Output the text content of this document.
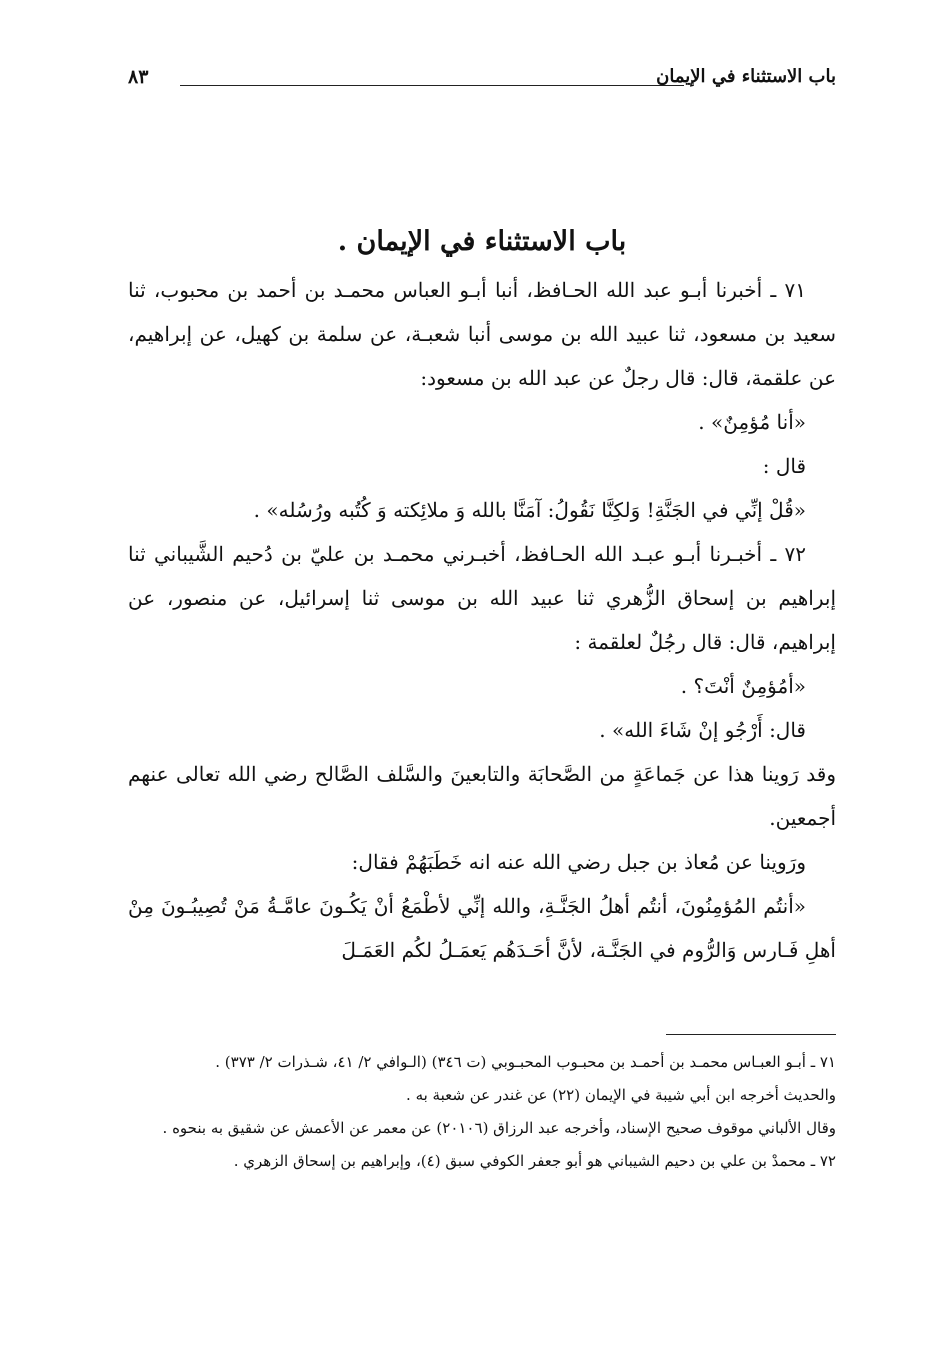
باب الاستثناء في الإيمان
٨٣
باب الاستثناء في الإيمان .

٧١ ـ أخبرنا أبـو عبد الله الحـافظ، أنبا أبـو العباس محمـد بن أحمد بن محبوب، ثنا سعيد بن مسعود، ثنا عبيد الله بن موسى أنبا شعبـة، عن سلمة بن كهيل، عن إبراهيم، عن علقمة، قال: قال رجلٌ عن عبد الله بن مسعود:

«أنا مُؤمِنٌ» .

قال :

«قُلْ إنِّي في الجَنَّةِ! وَلكِنَّا نَقُولُ: آمَنَّا بالله وَ ملائِكته وَ كُتُبه ورُسُله» .

٧٢ ـ أخبـرنا أبـو عبـد الله الحـافظ، أخبـرني محمـد بن عليّ بن دُحيم الشَّيباني ثنا إبراهيم بن إسحاق الزُّهري ثنا عبيد الله بن موسى ثنا إسرائيل، عن منصور، عن إبراهيم، قال: قال رجُلٌ لعلقمة :

«أمُؤمِنٌ أنْتَ؟ .

قال: أَرْجُو إنْ شَاءَ الله» .

وقد رَوينا هذا عن جَماعَةٍ من الصَّحابَة والتابعينَ والسَّلف الصَّالح رضي الله تعالى عنهم أجمعين.

ورَوينا عن مُعاذ بن جبل رضي الله عنه انه خَطَبَهُمْ فقال:

«أنتُم المُؤمِنُونَ، أنتُم أهلُ الجَنَّـةِ، والله إنِّي لأطْمَعُ أنْ يَكُـونَ عامَّـةُ مَنْ تُصِيبُـونَ مِنْ أهلِ فَـارس وَالرُّوم في الجَنَّـة، لأنَّ أحَـدَهُم يَعمَـلُ لكُم العَمَـلَ

٧١ ـ أبـو العبـاس محمـد بن أحمـد بن محبـوب المحبـوبي (ت ٣٤٦) (الـوافي ٢/ ٤١، شـذرات ٢/ ٣٧٣) .

والحديث أخرجه ابن أبي شيبة في الإيمان (٢٢) عن غندر عن شعبة به .

وقال الألباني موقوف صحيح الإسناد، وأخرجه عبد الرزاق (٢٠١٠٦) عن معمر عن الأعمش عن شقيق به بنحوه .

٧٢ ـ محمدْ بن علي بن دحيم الشيباني هو أبو جعفر الكوفي سبق (٤)، وإبراهيم بن إسحاق الزهري .
